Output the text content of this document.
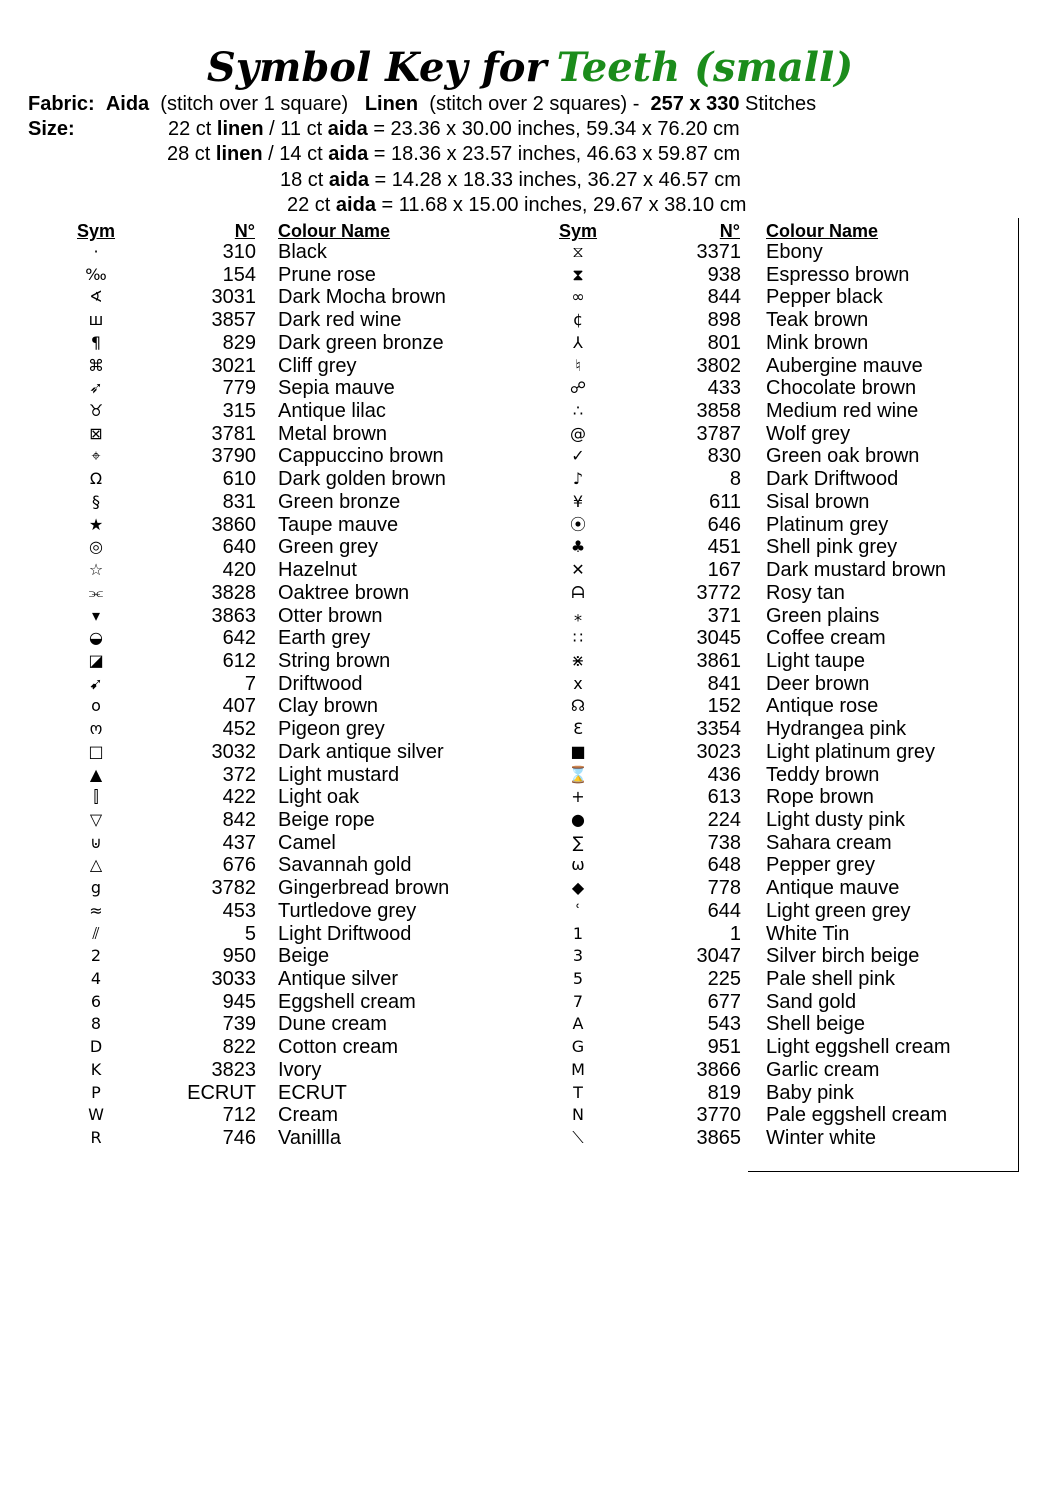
Symbol Key for Teeth (small)
Fabric: Aida (stitch over 1 square) Linen (stitch over 2 squares) - 257 x 330 Stitches
Size:	22 ct linen / 11 ct aida = 23.36 x 30.00 inches, 59.34 x 76.20 cm
28 ct linen / 14 ct aida = 18.36 x 23.57 inches, 46.63 x 59.87 cm
18 ct aida = 14.28 x 18.33 inches, 36.27 x 46.57 cm
22 ct aida = 11.68 x 15.00 inches, 29.67 x 38.10 cm
Sym	N° Colour Name	Sym	N° Colour Name
·	310 Black
‰	154 Prune rose
∢	3031 Dark Mocha brown
ш	3857 Dark red wine
¶	829 Dark green bronze
⌘	3021 Cliff grey
➶	779 Sepia mauve
♉	315 Antique lilac
⊠	3781 Metal brown
⌖	3790 Cappuccino brown
Ω	610 Dark golden brown
§	831 Green bronze
★	3860 Taupe mauve
◎	640 Green grey
☆	420 Hazelnut
⫘	3828 Oaktree brown
▾	3863 Otter brown
◒	642 Earth grey
◪	612 String brown
➹	7 Driftwood
o	407 Clay brown
ო	452 Pigeon grey
□	3032 Dark antique silver
▲	372 Light mustard
⫿	422 Light oak
▽	842 Beige rope
⊍	437 Camel
△	676 Savannah gold
g	3782 Gingerbread brown
≈	453 Turtledove grey
⫽	5 Light Driftwood
2	950 Beige
4	3033 Antique silver
6	945 Eggshell cream
8	739 Dune cream
D	822 Cotton cream
K	3823 Ivory
P	ECRUT ECRUT
W	712 Cream
R	746 Vanillla
⧖	3371 Ebony
⧗	938 Espresso brown
∞	844 Pepper black
¢	898 Teak brown
⅄	801 Mink brown
♮	3802 Aubergine mauve
☍	433 Chocolate brown
∴	3858 Medium red wine
@	3787 Wolf grey
✓	830 Green oak brown
♪	8 Dark Driftwood
¥	611 Sisal brown
⦿	646 Platinum grey
♣	451 Shell pink grey
✕	167 Dark mustard brown
ᗩ	3772 Rosy tan
⁎	371 Green plains
∷	3045 Coffee cream
⋇	3861 Light taupe
x	841 Deer brown
☊	152 Antique rose
Ɛ	3354 Hydrangea pink
■	3023 Light platinum grey
⌛	436 Teddy brown
+	613 Rope brown
●	224 Light dusty pink
∑	738 Sahara cream
ω	648 Pepper grey
◆	778 Antique mauve
ʿ	644 Light green grey
1	1 White Tin
3	3047 Silver birch beige
5	225 Pale shell pink
7	677 Sand gold
A	543 Shell beige
G	951 Light eggshell cream
M	3866 Garlic cream
T	819 Baby pink
N	3770 Pale eggshell cream
⟍	3865 Winter white
